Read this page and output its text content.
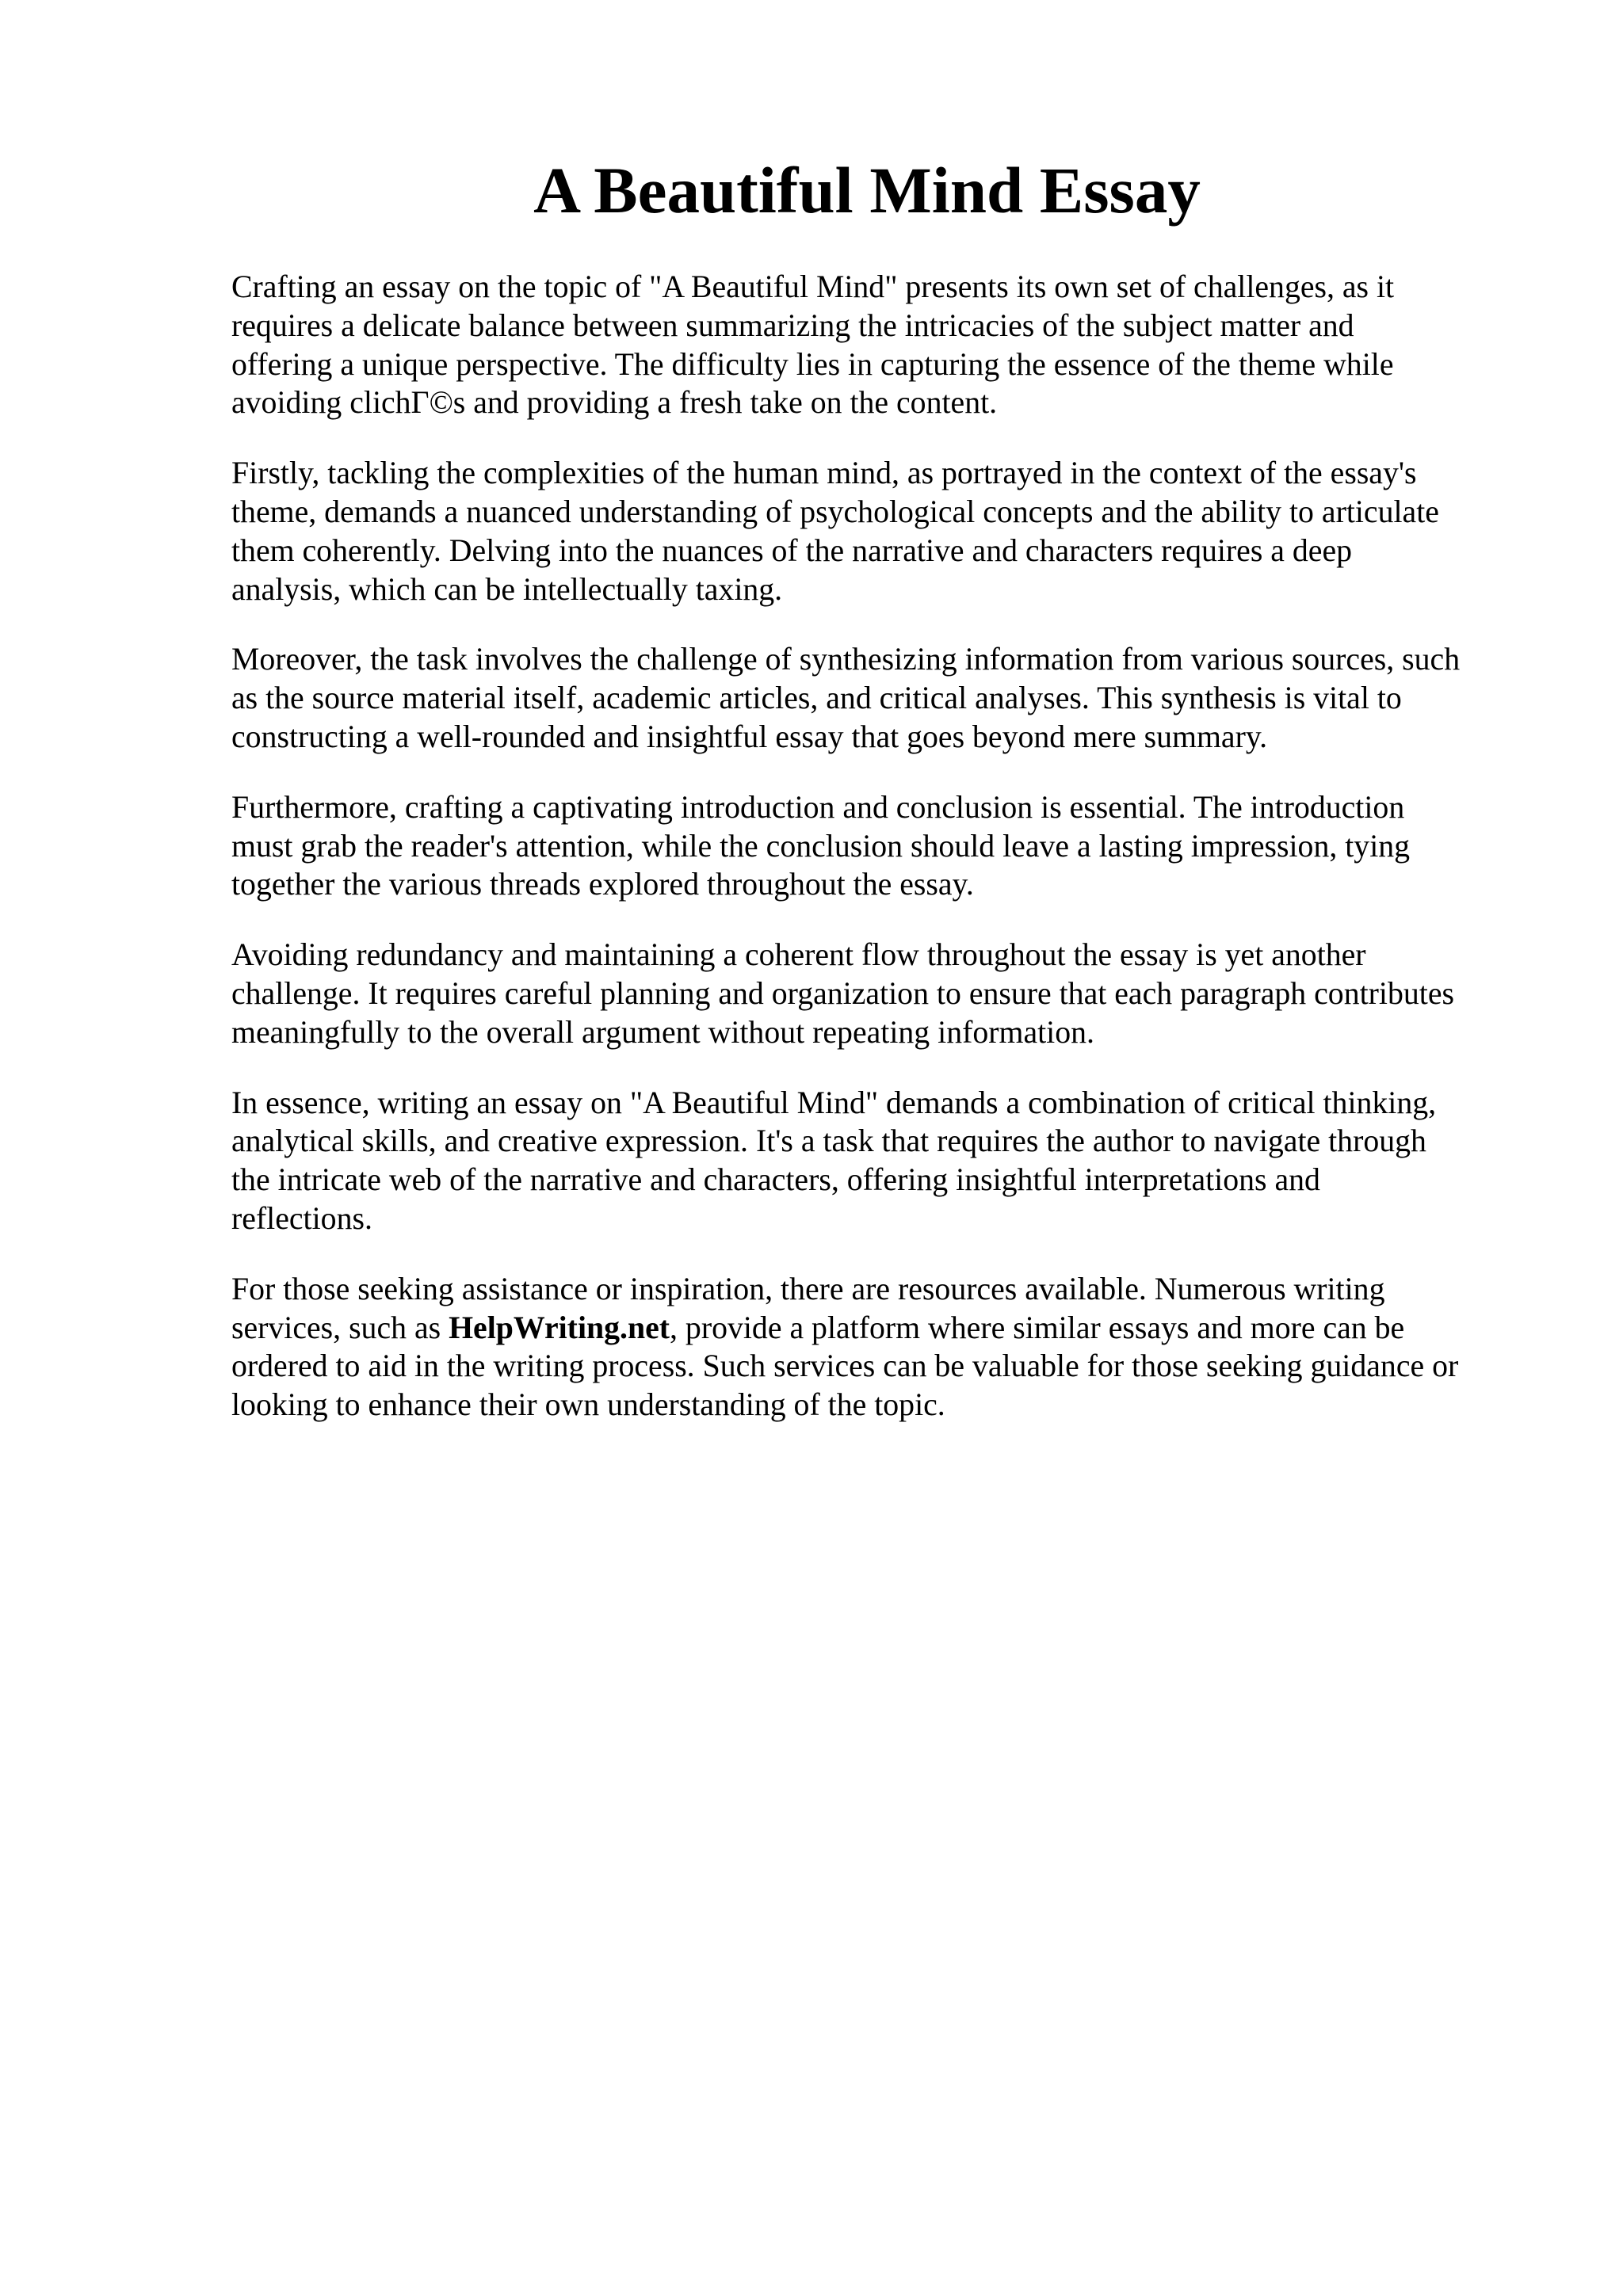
A Beautiful Mind Essay

Crafting an essay on the topic of "A Beautiful Mind" presents its own set of challenges, as it
requires a delicate balance between summarizing the intricacies of the subject matter and
offering a unique perspective. The difficulty lies in capturing the essence of the theme while
avoiding clichΓ©s and providing a fresh take on the content.

Firstly, tackling the complexities of the human mind, as portrayed in the context of the essay's
theme, demands a nuanced understanding of psychological concepts and the ability to articulate
them coherently. Delving into the nuances of the narrative and characters requires a deep
analysis, which can be intellectually taxing.

Moreover, the task involves the challenge of synthesizing information from various sources, such
as the source material itself, academic articles, and critical analyses. This synthesis is vital to
constructing a well-rounded and insightful essay that goes beyond mere summary.

Furthermore, crafting a captivating introduction and conclusion is essential. The introduction
must grab the reader's attention, while the conclusion should leave a lasting impression, tying
together the various threads explored throughout the essay.

Avoiding redundancy and maintaining a coherent flow throughout the essay is yet another
challenge. It requires careful planning and organization to ensure that each paragraph contributes
meaningfully to the overall argument without repeating information.

In essence, writing an essay on "A Beautiful Mind" demands a combination of critical thinking,
analytical skills, and creative expression. It's a task that requires the author to navigate through
the intricate web of the narrative and characters, offering insightful interpretations and
reflections.

For those seeking assistance or inspiration, there are resources available. Numerous writing
services, such as HelpWriting.net, provide a platform where similar essays and more can be
ordered to aid in the writing process. Such services can be valuable for those seeking guidance or
looking to enhance their own understanding of the topic.
